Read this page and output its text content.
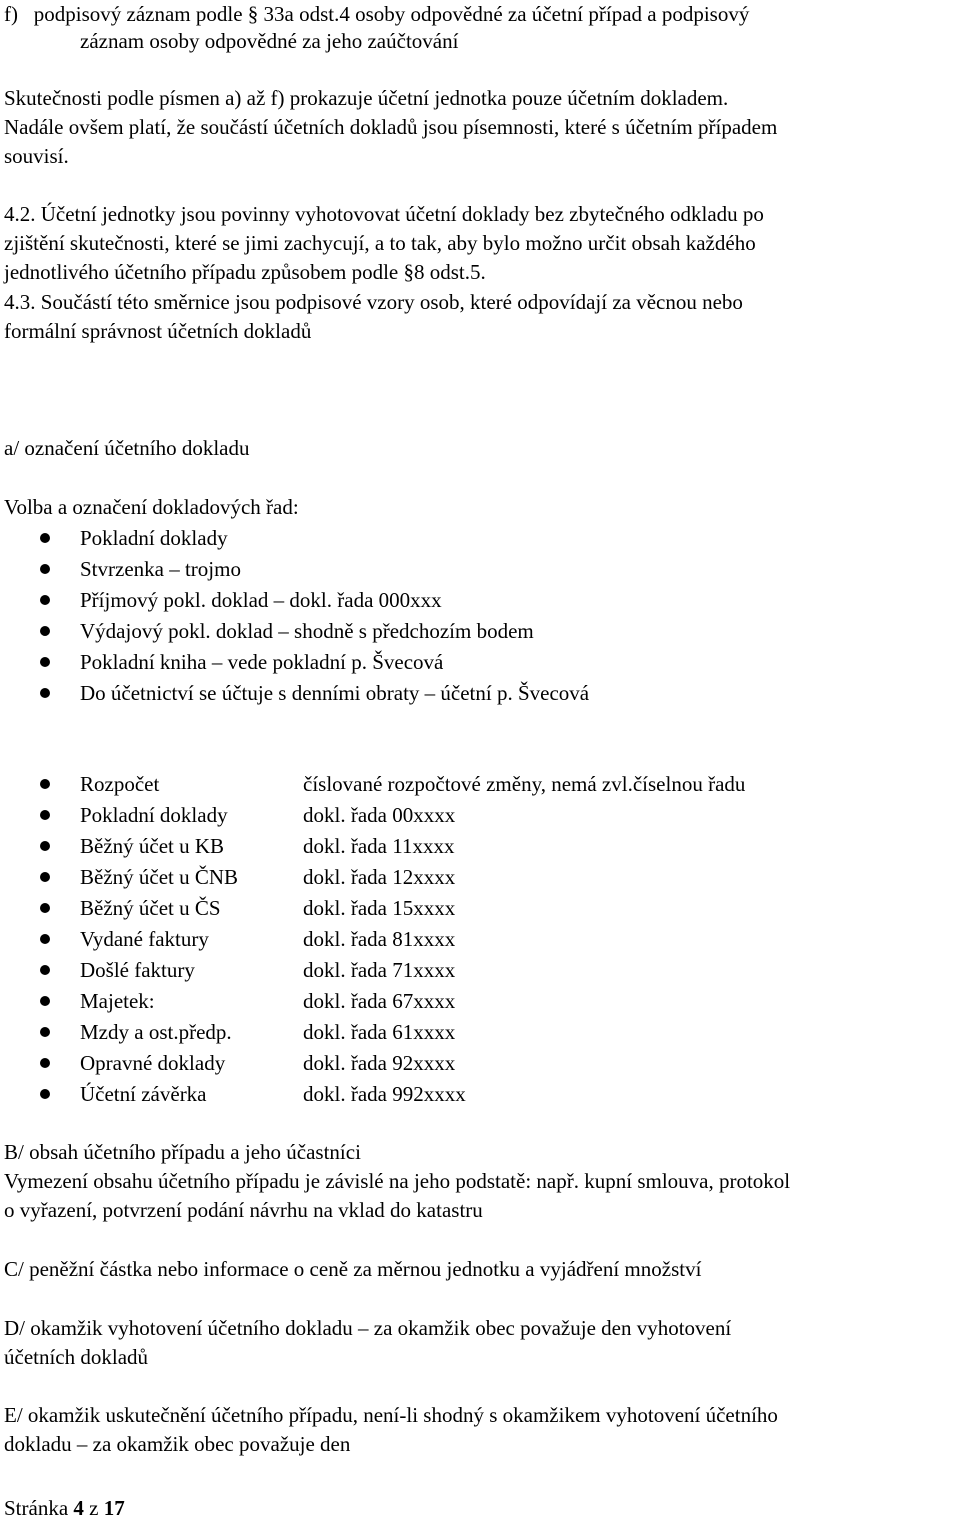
f)   podpisový záznam podle § 33a odst.4 osoby odpovědné za účetní případ a podpisový
záznam osoby odpovědné za jeho zaúčtování
Skutečnosti podle písmen a) až f) prokazuje účetní jednotka pouze účetním dokladem.
Nadále ovšem platí, že součástí účetních dokladů jsou písemnosti, které s účetním případem
souvisí.
4.2. Účetní jednotky jsou povinny vyhotovovat účetní doklady bez zbytečného odkladu po
zjištění skutečnosti, které se jimi zachycují, a to tak, aby bylo možno určit obsah každého
jednotlivého účetního případu způsobem podle §8 odst.5.
4.3. Součástí této směrnice jsou podpisové vzory osob, které odpovídají za věcnou nebo
formální správnost účetních dokladů
a/ označení účetního dokladu
Volba a označení dokladových řad:
Pokladní doklady
Stvrzenka – trojmo
Příjmový pokl. doklad – dokl. řada 000xxx
Výdajový pokl. doklad – shodně s předchozím bodem
Pokladní kniha – vede pokladní p. Švecová
Do účetnictví se účtuje s denními obraty – účetní p. Švecová
Rozpočet	číslované rozpočtové změny, nemá zvl.číselnou řadu
Pokladní doklady	dokl. řada 00xxxx
Běžný účet u KB	dokl. řada 11xxxx
Běžný účet u ČNB	dokl. řada 12xxxx
Běžný účet u ČS	dokl. řada 15xxxx
Vydané faktury	dokl. řada 81xxxx
Došlé faktury	dokl. řada 71xxxx
Majetek:	dokl. řada 67xxxx
Mzdy a ost.předp.	dokl. řada 61xxxx
Opravné doklady	dokl. řada 92xxxx
Účetní závěrka	dokl. řada 992xxxx
B/ obsah účetního případu a jeho účastníci
Vymezení obsahu účetního případu je závislé na jeho podstatě: např. kupní smlouva, protokol
o vyřazení, potvrzení podání návrhu na vklad do katastru
C/ peněžní částka nebo informace o ceně za měrnou jednotku a vyjádření množství
D/ okamžik vyhotovení účetního dokladu – za okamžik obec považuje den vyhotovení
účetních dokladů
E/ okamžik uskutečnění účetního případu, není-li shodný s okamžikem vyhotovení účetního
dokladu – za okamžik obec považuje den
Stránka 4 z 17
